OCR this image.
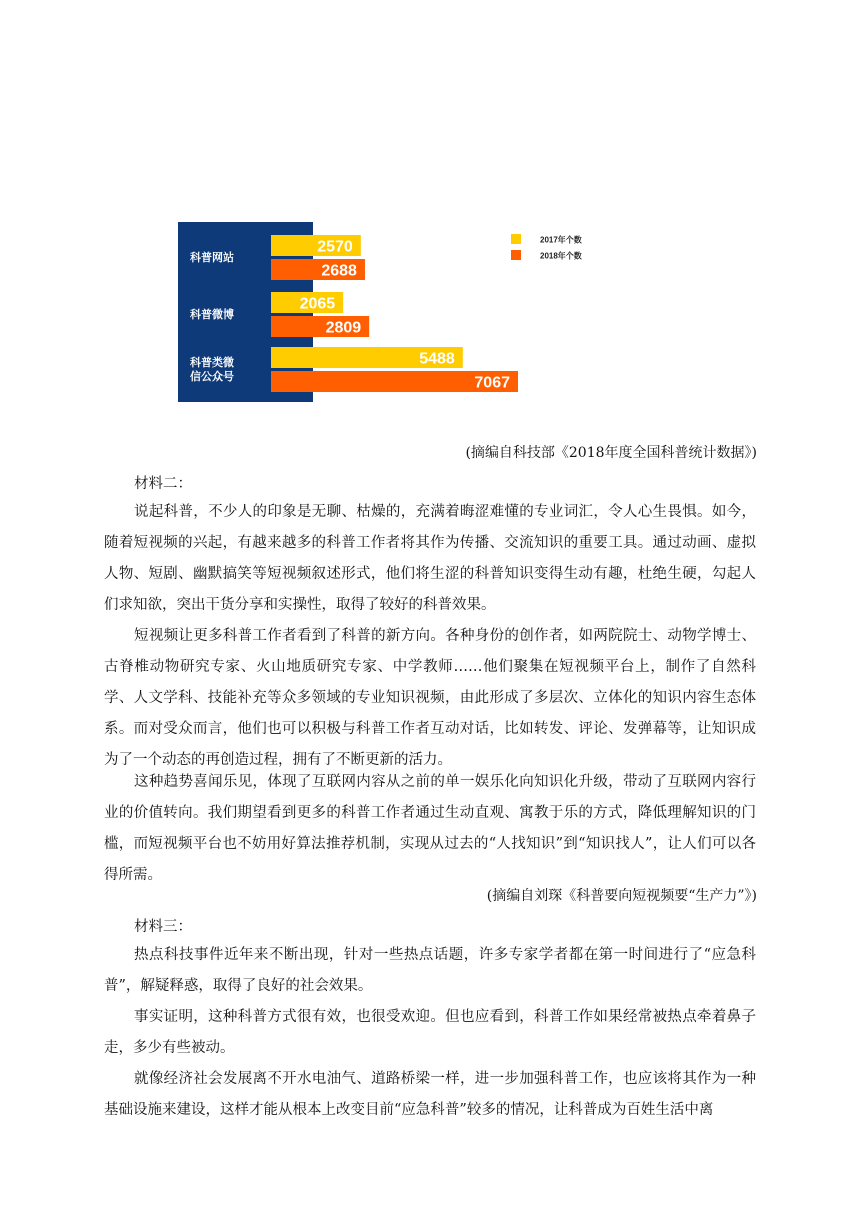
科普网站
2570
2688
科普微博
2065
2809
科普类微
信公众号
5488
7067
2017年个数
2018年个数
(摘编自科技部《2018年度全国科普统计数据》)
材料二：

说起科普，不少人的印象是无聊、枯燥的，充满着晦涩难懂的专业词汇，令人心生畏惧。如今，随着短视频的兴起，有越来越多的科普工作者将其作为传播、交流知识的重要工具。通过动画、虚拟人物、短剧、幽默搞笑等短视频叙述形式，他们将生涩的科普知识变得生动有趣，杜绝生硬，勾起人们求知欲，突出干货分享和实操性，取得了较好的科普效果。

短视频让更多科普工作者看到了科普的新方向。各种身份的创作者，如两院院士、动物学博士、古脊椎动物研究专家、火山地质研究专家、中学教师……他们聚集在短视频平台上，制作了自然科学、人文学科、技能补充等众多领域的专业知识视频，由此形成了多层次、立体化的知识内容生态体系。而对受众而言，他们也可以积极与科普工作者互动对话，比如转发、评论、发弹幕等，让知识成为了一个动态的再创造过程，拥有了不断更新的活力。

这种趋势喜闻乐见，体现了互联网内容从之前的单一娱乐化向知识化升级，带动了互联网内容行业的价值转向。我们期望看到更多的科普工作者通过生动直观、寓教于乐的方式，降低理解知识的门槛，而短视频平台也不妨用好算法推荐机制，实现从过去的“人找知识”到“知识找人”，让人们可以各得所需。

(摘编自刘琛《科普要向短视频要“生产力”》)
材料三：

热点科技事件近年来不断出现，针对一些热点话题，许多专家学者都在第一时间进行了“应急科普”，解疑释惑，取得了良好的社会效果。

事实证明，这种科普方式很有效，也很受欢迎。但也应看到，科普工作如果经常被热点牵着鼻子走，多少有些被动。

就像经济社会发展离不开水电油气、道路桥梁一样，进一步加强科普工作，也应该将其作为一种基础设施来建设，这样才能从根本上改变目前“应急科普”较多的情况，让科普成为百姓生活中离
